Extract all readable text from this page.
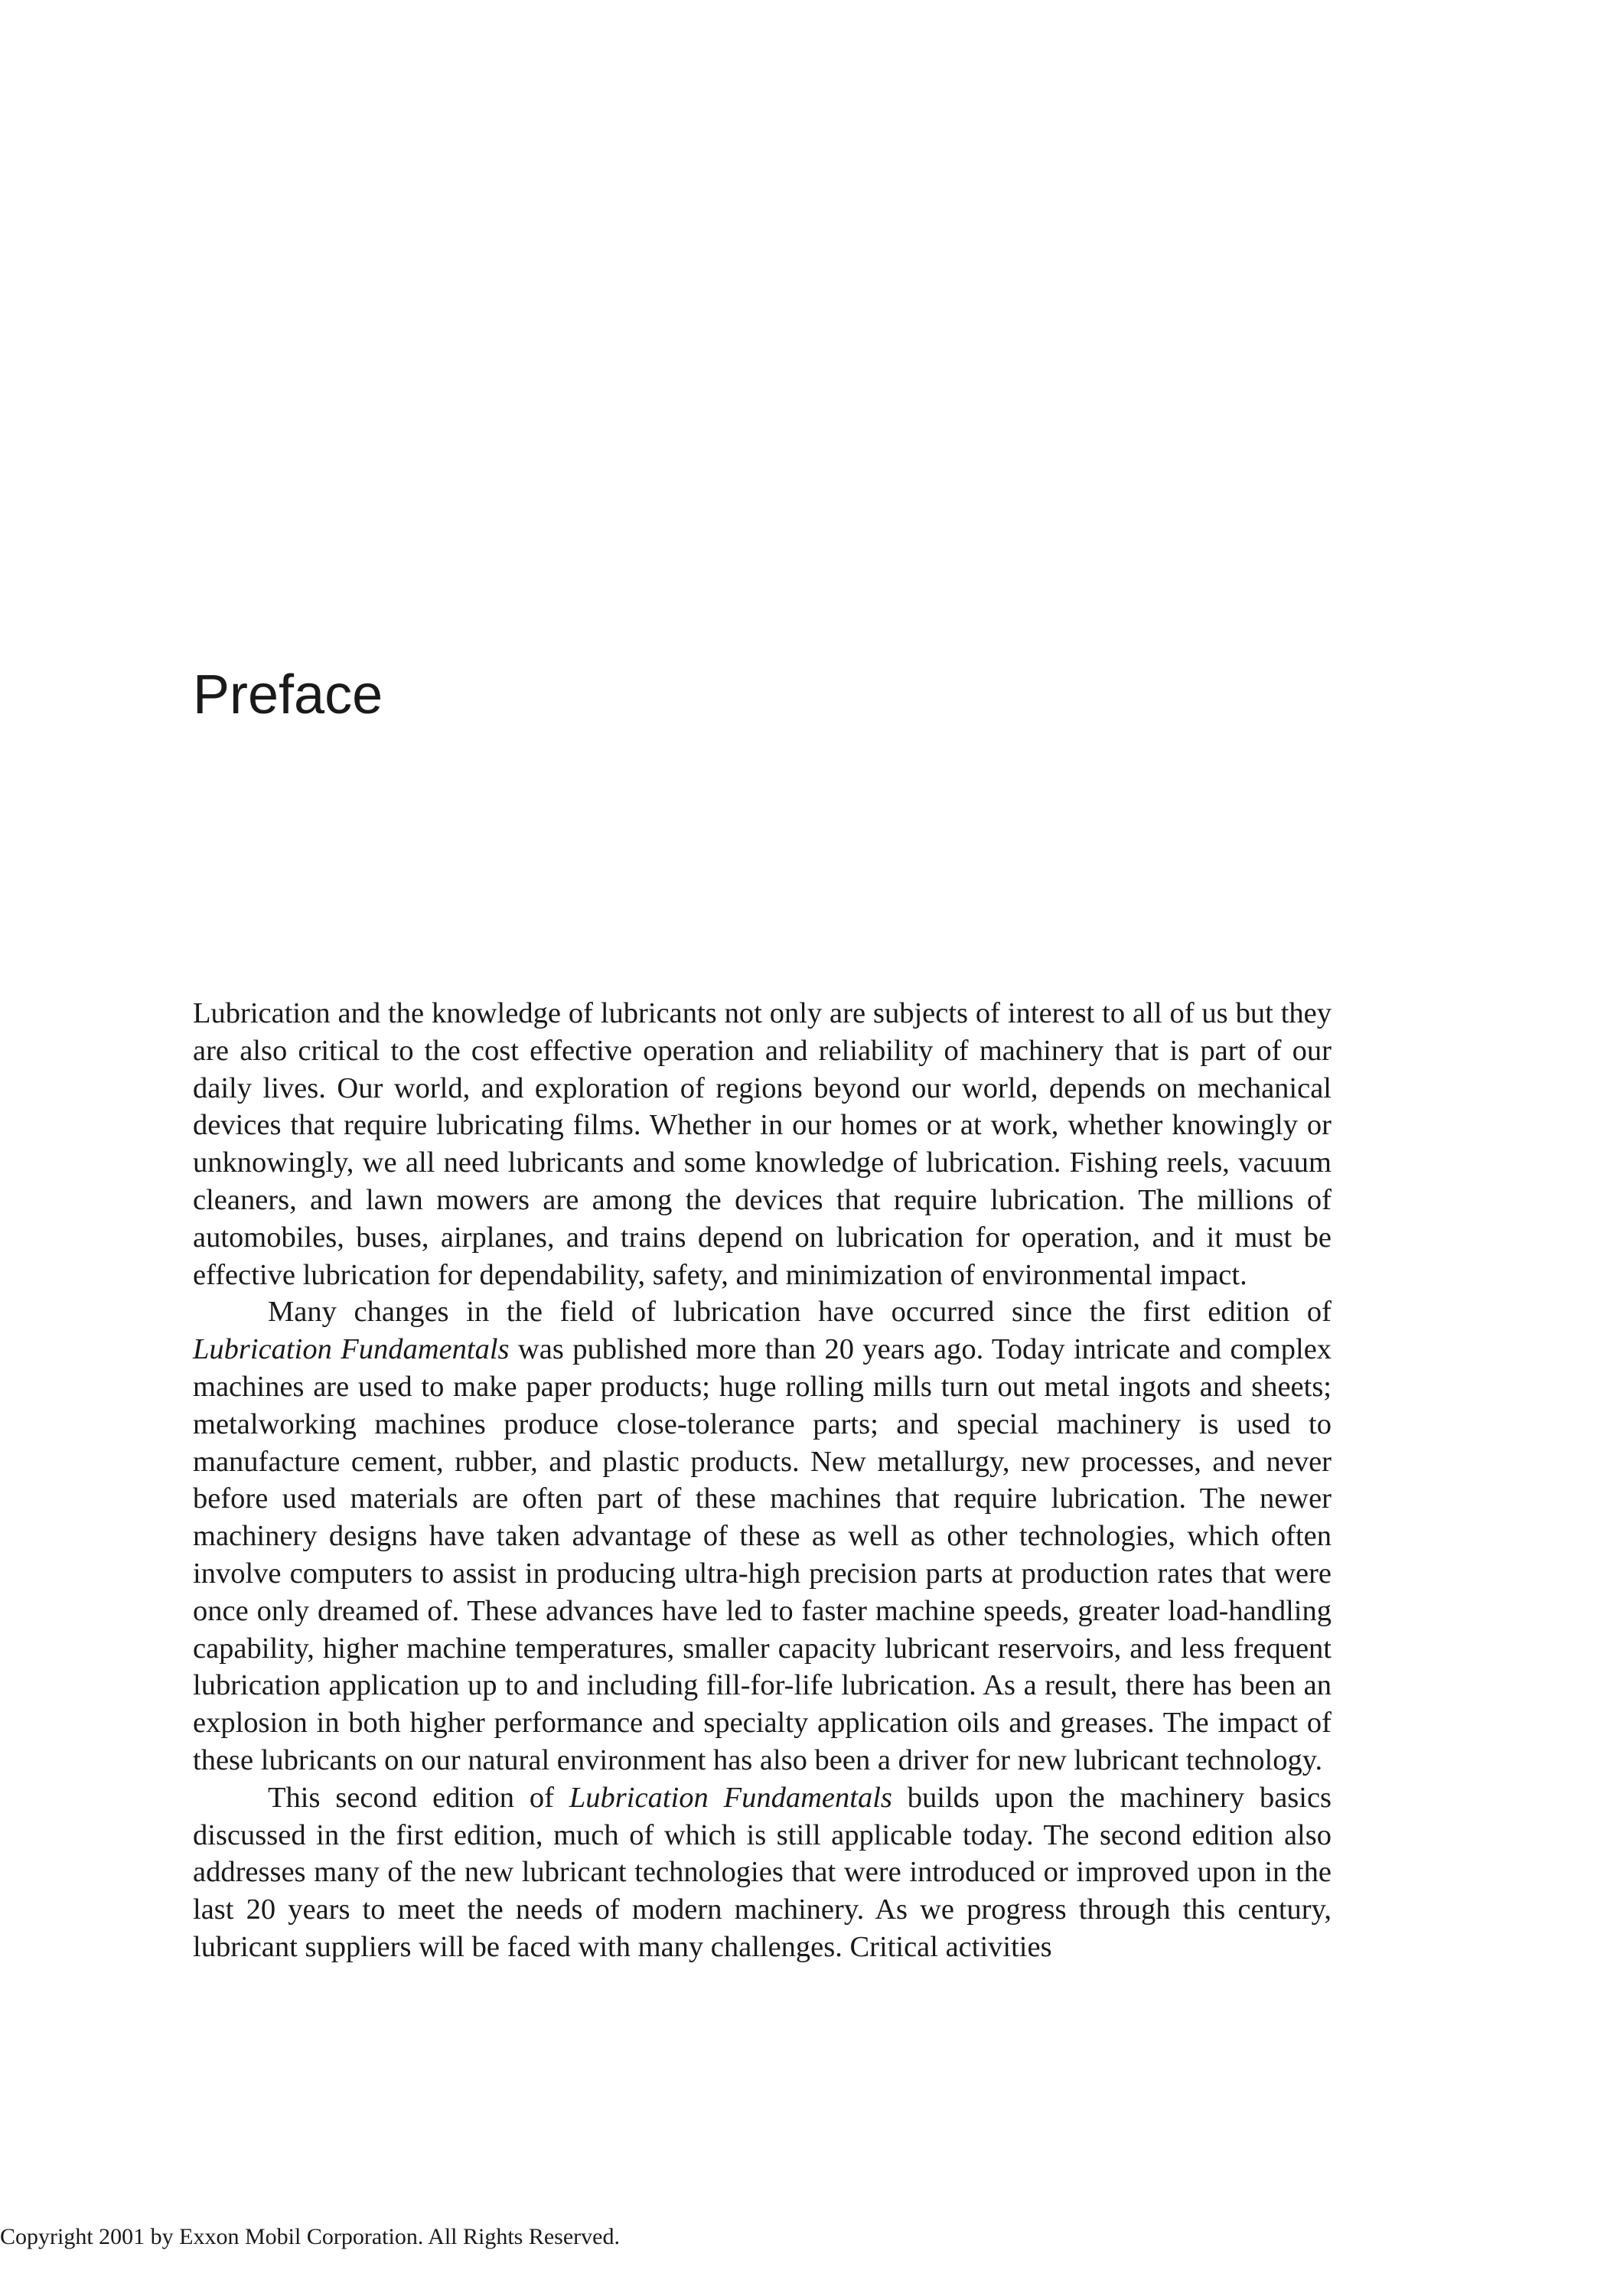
Preface

Lubrication and the knowledge of lubricants not only are subjects of interest to all of us but they are also critical to the cost effective operation and reliability of machinery that is part of our daily lives. Our world, and exploration of regions beyond our world, depends on mechanical devices that require lubricating films. Whether in our homes or at work, whether knowingly or unknowingly, we all need lubricants and some knowledge of lubrication. Fishing reels, vacuum cleaners, and lawn mowers are among the devices that require lubrication. The millions of automobiles, buses, airplanes, and trains depend on lubrication for operation, and it must be effective lubrication for dependability, safety, and minimization of environmental impact.

Many changes in the field of lubrication have occurred since the first edition of Lubrication Fundamentals was published more than 20 years ago. Today intricate and complex machines are used to make paper products; huge rolling mills turn out metal ingots and sheets; metalworking machines produce close-tolerance parts; and special machinery is used to manufacture cement, rubber, and plastic products. New metallurgy, new processes, and never before used materials are often part of these machines that require lubrication. The newer machinery designs have taken advantage of these as well as other technologies, which often involve computers to assist in producing ultra-high precision parts at production rates that were once only dreamed of. These advances have led to faster machine speeds, greater load-handling capability, higher machine temperatures, smaller capacity lubricant reservoirs, and less frequent lubrication application up to and including fill-for-life lubrication. As a result, there has been an explosion in both higher performance and specialty application oils and greases. The impact of these lubricants on our natural environment has also been a driver for new lubricant technology.

This second edition of Lubrication Fundamentals builds upon the machinery basics discussed in the first edition, much of which is still applicable today. The second edition also addresses many of the new lubricant technologies that were introduced or improved upon in the last 20 years to meet the needs of modern machinery. As we progress through this century, lubricant suppliers will be faced with many challenges. Critical activities

Copyright 2001 by Exxon Mobil Corporation. All Rights Reserved.
